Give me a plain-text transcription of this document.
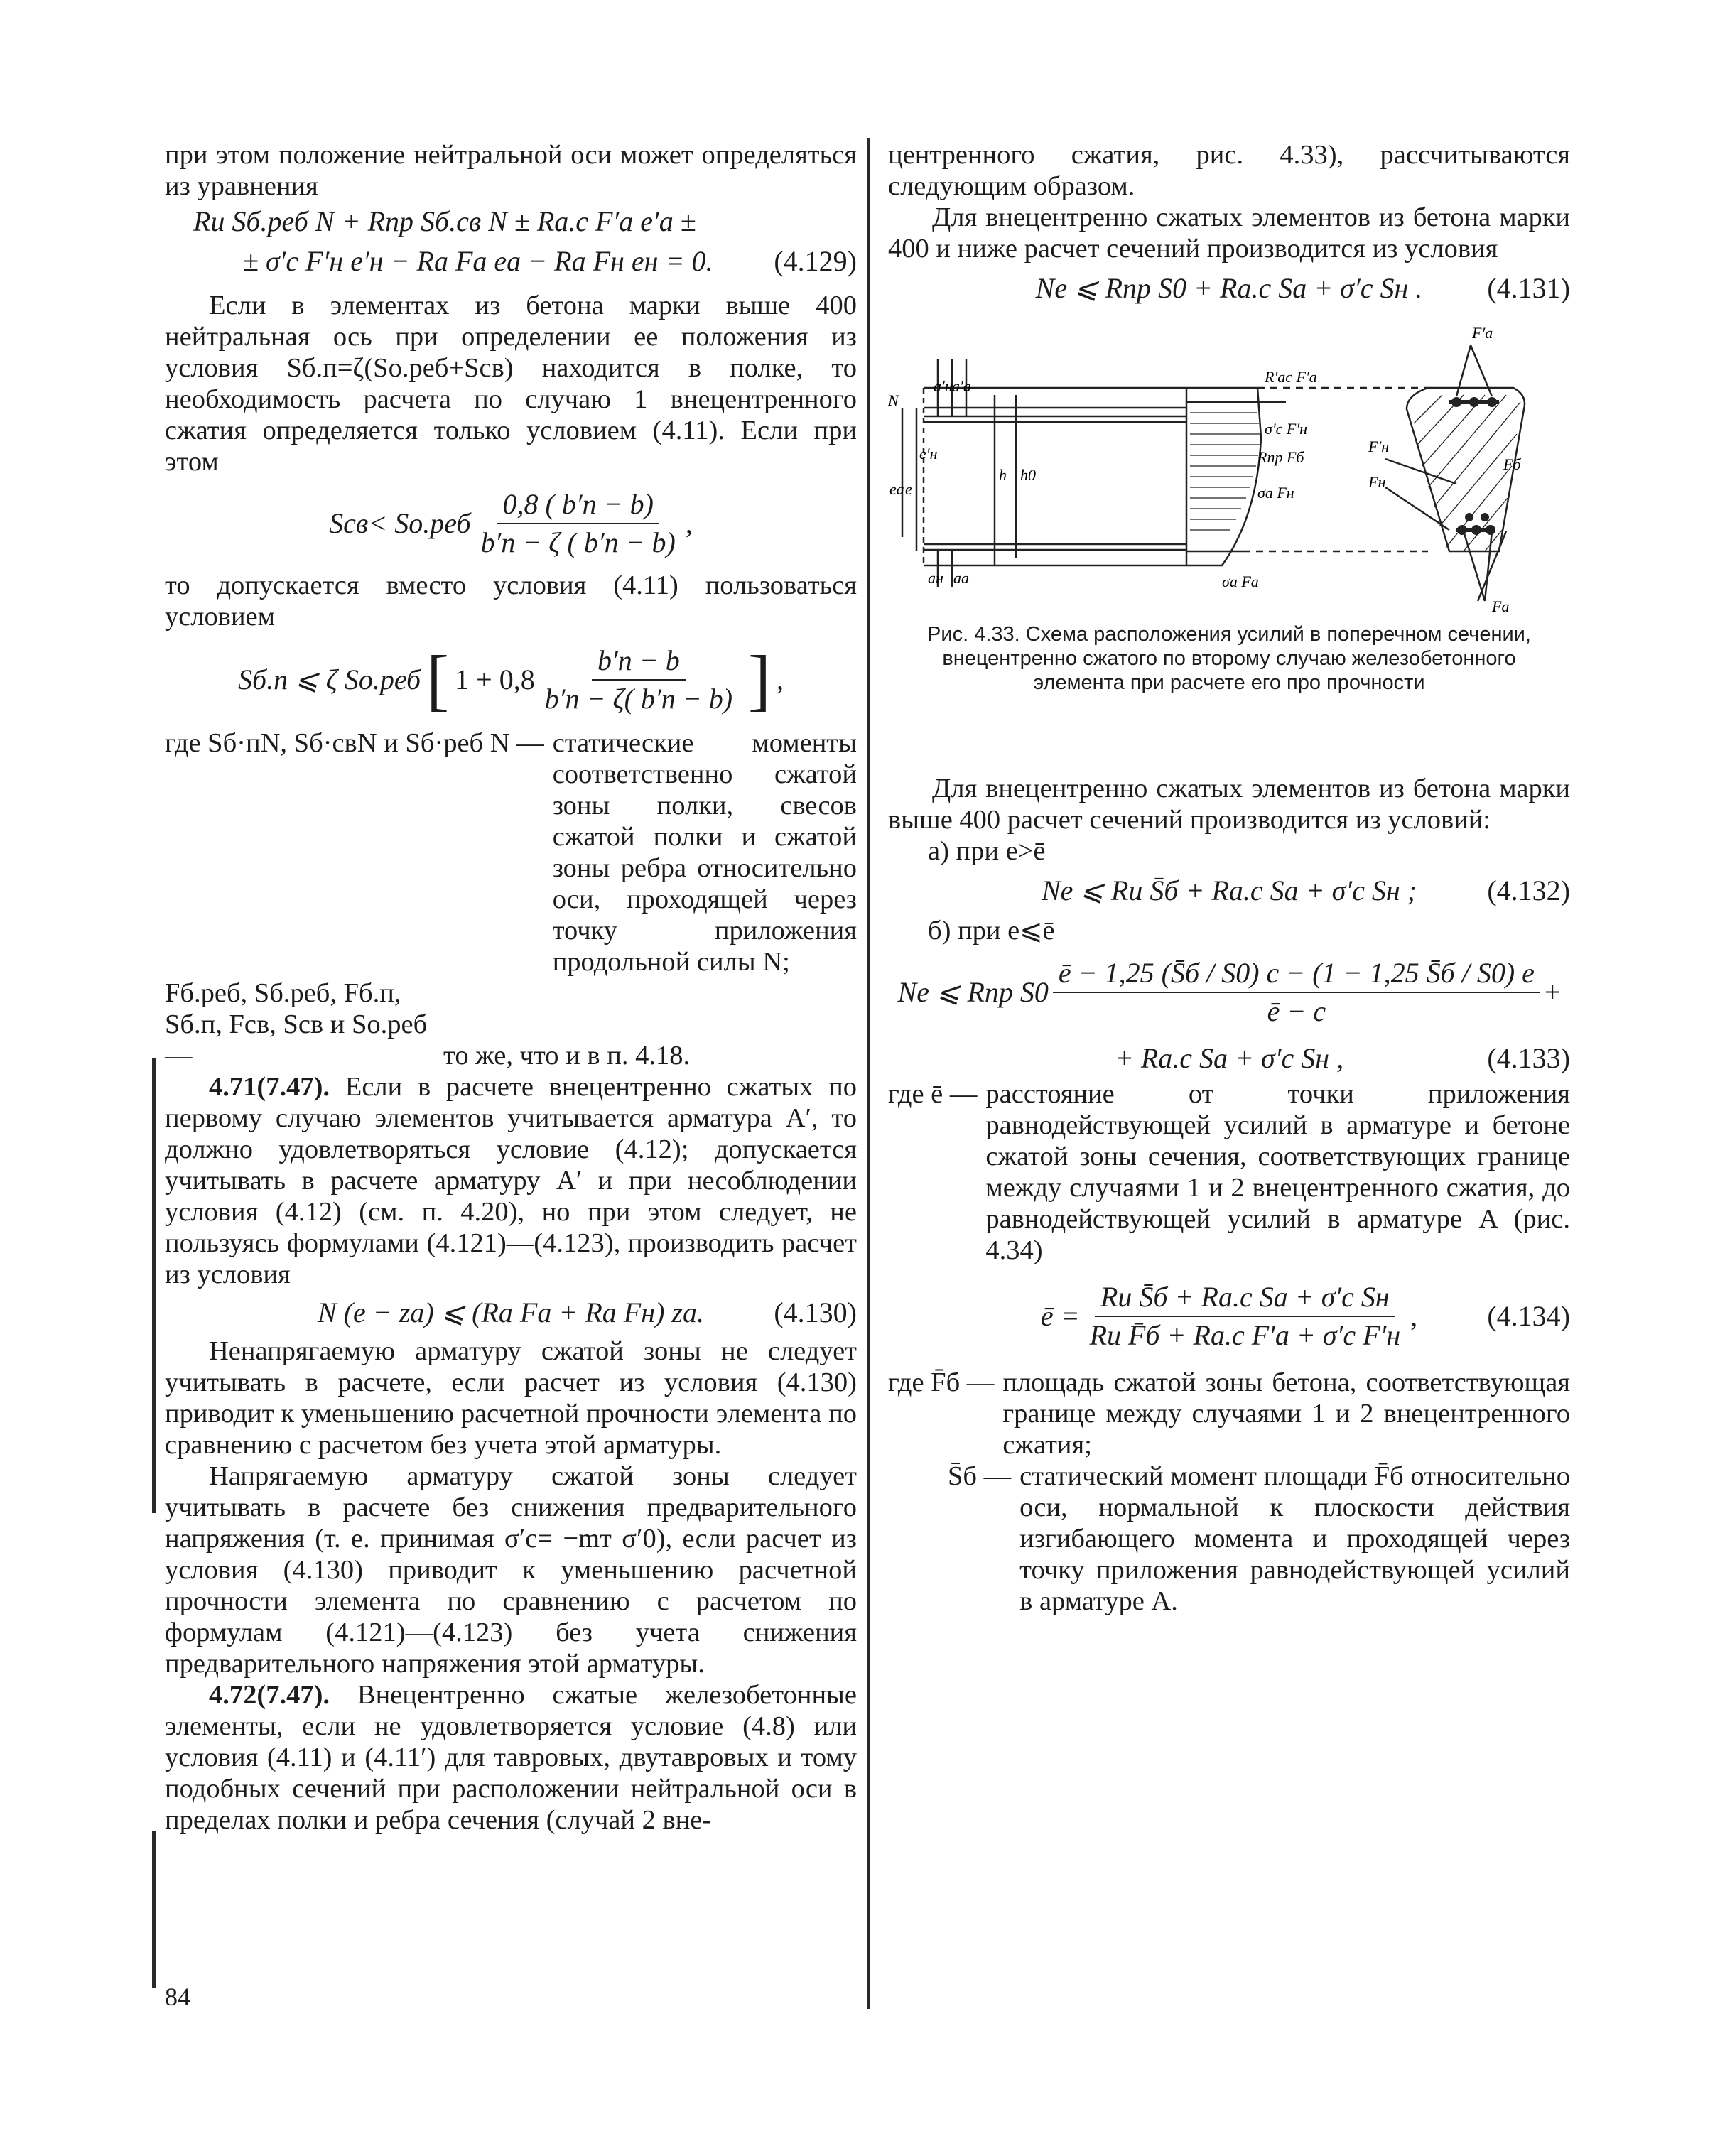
при этом положение нейтральной оси может определяться из уравнения

Rи Sб.реб N + Rпр Sб.св N ± Rа.с F′а e′а ±
± σ′с F′н e′н − Rа Fа eа − Rа Fн eн = 0. (4.129)

Если в элементах из бетона марки выше 400 нейтральная ось при определении ее положения из условия Sб.п=ζ(Sо.реб+Sсв) находится в полке, то необходимость расчета по случаю 1 внецентренного сжатия определяется только условием (4.11). Если при этом

$Sсв< Sо.реб \frac{0,8 ( b'п - b)}{b'п - \zeta ( b'п - b)}$ ,

то допускается вместо условия (4.11) пользоваться условием

Sб.п ⩽ ζ Sо.реб [ $1 + 0,8 \frac{b'п - b}{b'п - \zeta( b'п - b)}$ ] ,
где Sб·пN, Sб·свN и Sб·реб N — статические моменты соответственно сжатой зоны полки, свесов сжатой полки и сжатой зоны ребра относительно оси, проходящей через точку приложения продольной силы N;
Fб.реб, Sб.реб, Fб.п, Sб.п, Fсв, Sсв и Sо.реб —	то же, что и в п. 4.18.

4.71(7.47). Если в расчете внецентренно сжатых по первому случаю элементов учитывается арматура A′, то должно удовлетворяться условие (4.12); допускается учитывать в расчете арматуру A′ и при несоблюдении условия (4.12) (см. п. 4.20), но при этом следует, не пользуясь формулами (4.121)—(4.123), производить расчет из условия

N (e − zа) ⩽ (Rа Fа + Rа Fн) zа. (4.130)

Ненапрягаемую арматуру сжатой зоны не следует учитывать в расчете, если расчет из условия (4.130) приводит к уменьшению расчетной прочности элемента по сравнению с расчетом без учета этой арматуры.

Напрягаемую арматуру сжатой зоны следует учитывать в расчете без снижения предварительного напряжения (т. е. принимая σ′с= −mт σ′0), если расчет из условия (4.130) приводит к уменьшению расчетной прочности элемента по сравнению с расчетом по формулам (4.121)—(4.123) без учета снижения предварительного напряжения этой арматуры.

4.72(7.47). Внецентренно сжатые железобетонные элементы, если не удовлетворяется условие (4.8) или условия (4.11) и (4.11′) для тавровых, двутавровых и тому подобных сечений при расположении нейтральной оси в пределах полки и ребра сечения (случай 2 вне-

центренного сжатия, рис. 4.33), рассчитываются следующим образом.

Для внецентренно сжатых элементов из бетона марки 400 и ниже расчет сечений производится из условия

Ne ⩽ Rпр S0 + Rа.с Sа + σ′с Sн . (4.131)
R′ас F′а
σ′с F′н
Rпр Fб
σа Fн
σа Fа
F′а
F′н
Fб
Fн
Fа
N
h h0
eа e
e′н
a′н a′а
aн aа

Рис. 4.33. Схема расположения усилий в поперечном сечении, внецентренно сжатого по второму случаю железобетонного элемента при расчете его про прочности

Для внецентренно сжатых элементов из бетона марки выше 400 расчет сечений производится из условий:

а) при e>ē

Ne ⩽ Rи S̄б + Rа.с Sа + σ′с Sн ; (4.132)

б) при e⩽ē

Ne ⩽ Rпр $S0 \frac{ē - 1,25 (S̄б / S0) c - (1 - 1,25 S̄б / S0) e}{ē - c}$ +
+ Rа.с Sа + σ′с Sн ,	(4.133)
где ē — расстояние от точки приложения равнодействующей усилий в арматуре и бетоне сжатой зоны сечения, соответствующих границе между случаями 1 и 2 внецентренного сжатия, до равнодействующей усилий в арматуре A (рис. 4.34)
ē = $\frac{\text{Rи S̄б + Rа.с Sа + σ′с Sн}}{\text{Rи F̄б + Rа.с F′а + σ′с F′н}}$ , (4.134)
где F̄б — площадь сжатой зоны бетона, соответствующая границе между случаями 1 и 2 внецентренного сжатия;
S̄б — статический момент площади F̄б относительно оси, нормальной к плоскости действия изгибающего момента и проходящей через точку приложения равнодействующей усилий в арматуре A.
84
